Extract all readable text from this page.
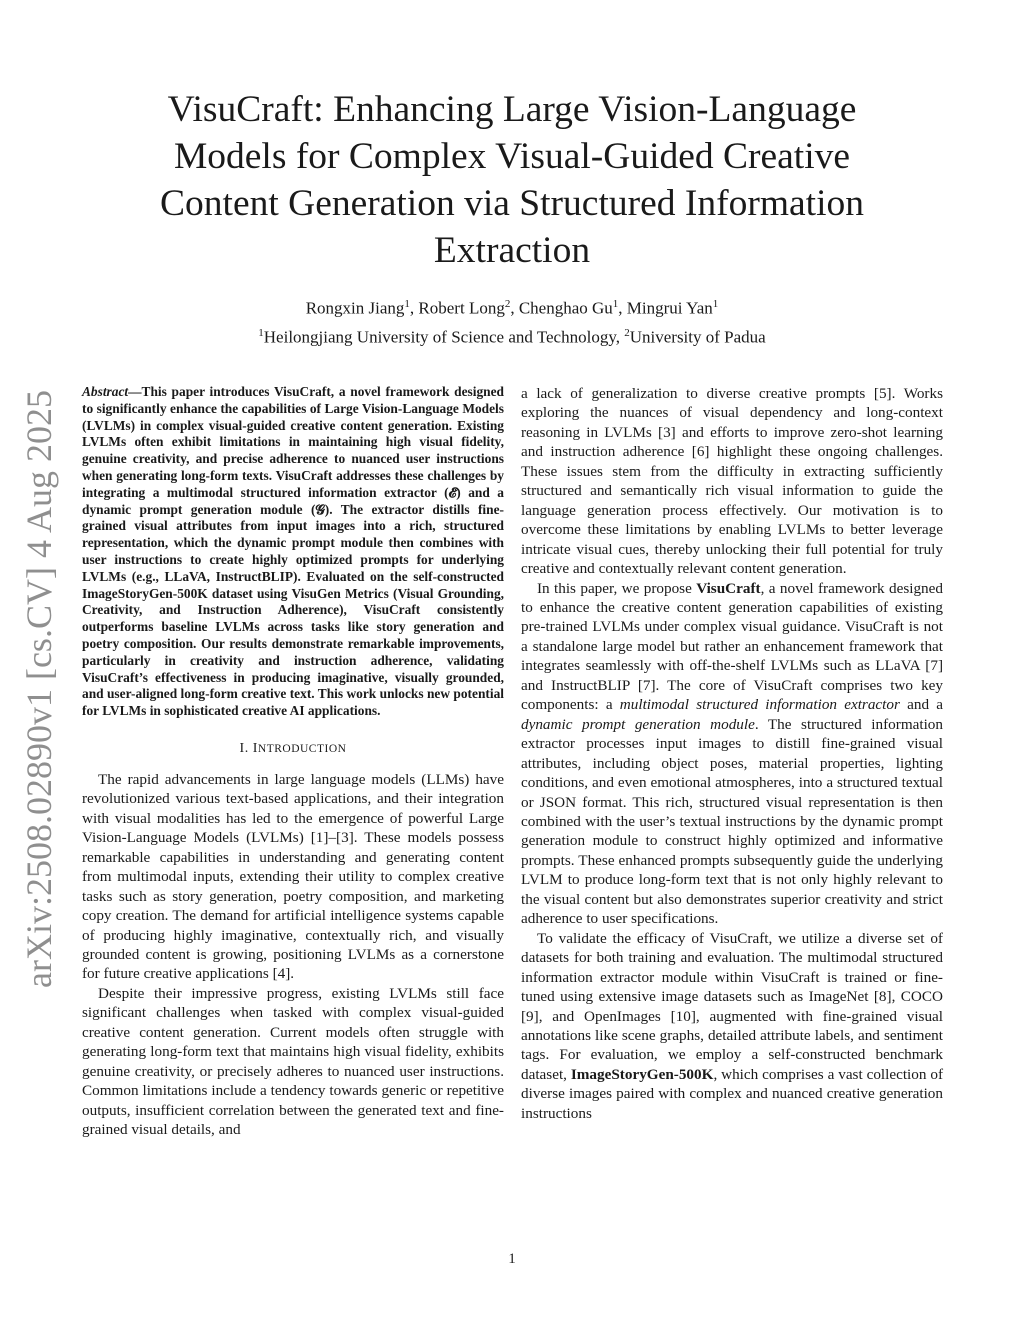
VisuCraft: Enhancing Large Vision-Language Models for Complex Visual-Guided Creative Content Generation via Structured Information Extraction
Rongxin Jiang$^1$, Robert Long$^2$, Chenghao Gu$^1$, Mingrui Yan$^1$
$^1$Heilongjiang University of Science and Technology, $^2$University of Padua
arXiv:2508.02890v1 [cs.CV] 4 Aug 2025	Abstract—This paper introduces VisuCraft, a novel framework designed to significantly enhance the capabilities of Large Vision-Language Models (LVLMs) in complex visual-guided creative content generation. Existing LVLMs often exhibit limitations in maintaining high visual fidelity, genuine creativity, and precise adherence to nuanced user instructions when generating long-form texts. VisuCraft addresses these challenges by integrating a multimodal structured information extractor (𝓔) and a dynamic prompt generation module (𝓖). The extractor distills fine-grained visual attributes from input images into a rich, structured representation, which the dynamic prompt module then combines with user instructions to create highly optimized prompts for underlying LVLMs (e.g., LLaVA, InstructBLIP). Evaluated on the self-constructed ImageStoryGen-500K dataset using VisuGen Metrics (Visual Grounding, Creativity, and Instruction Adherence), VisuCraft consistently outperforms baseline LVLMs across tasks like story generation and poetry composition. Our results demonstrate remarkable improvements, particularly in creativity and instruction adherence, validating VisuCraft’s effectiveness in producing imaginative, visually grounded, and user-aligned long-form creative text. This work unlocks new potential for LVLMs in sophisticated creative AI applications.

I. INTRODUCTION

The rapid advancements in large language models (LLMs) have revolutionized various text-based applications, and their integration with visual modalities has led to the emergence of powerful Large Vision-Language Models (LVLMs) [1]–[3]. These models possess remarkable capabilities in understanding and generating content from multimodal inputs, extending their utility to complex creative tasks such as story generation, poetry composition, and marketing copy creation. The demand for artificial intelligence systems capable of producing highly imaginative, contextually rich, and visually grounded content is growing, positioning LVLMs as a cornerstone for future creative applications [4].

Despite their impressive progress, existing LVLMs still face significant challenges when tasked with complex visual-guided creative content generation. Current models often struggle with generating long-form text that maintains high visual fidelity, exhibits genuine creativity, or precisely adheres to nuanced user instructions. Common limitations include a tendency towards generic or repetitive outputs, insufficient correlation between the generated text and fine-grained visual details, and

a lack of generalization to diverse creative prompts [5]. Works exploring the nuances of visual dependency and long-context reasoning in LVLMs [3] and efforts to improve zero-shot learning and instruction adherence [6] highlight these ongoing challenges. These issues stem from the difficulty in extracting sufficiently structured and semantically rich visual information to guide the language generation process effectively. Our motivation is to overcome these limitations by enabling LVLMs to better leverage intricate visual cues, thereby unlocking their full potential for truly creative and contextually relevant content generation.

In this paper, we propose VisuCraft, a novel framework designed to enhance the creative content generation capabilities of existing pre-trained LVLMs under complex visual guidance. VisuCraft is not a standalone large model but rather an enhancement framework that integrates seamlessly with off-the-shelf LVLMs such as LLaVA [7] and InstructBLIP [7]. The core of VisuCraft comprises two key components: a multimodal structured information extractor and a dynamic prompt generation module. The structured information extractor processes input images to distill fine-grained visual attributes, including object poses, material properties, lighting conditions, and even emotional atmospheres, into a structured textual or JSON format. This rich, structured visual representation is then combined with the user’s textual instructions by the dynamic prompt generation module to construct highly optimized and informative prompts. These enhanced prompts subsequently guide the underlying LVLM to produce long-form text that is not only highly relevant to the visual content but also demonstrates superior creativity and strict adherence to user specifications.

To validate the efficacy of VisuCraft, we utilize a diverse set of datasets for both training and evaluation. The multimodal structured information extractor module within VisuCraft is trained or fine-tuned using extensive image datasets such as ImageNet [8], COCO [9], and OpenImages [10], augmented with fine-grained visual annotations like scene graphs, detailed attribute labels, and sentiment tags. For evaluation, we employ a self-constructed benchmark dataset, ImageStoryGen-500K, which comprises a vast collection of diverse images paired with complex and nuanced creative generation instructions

1
